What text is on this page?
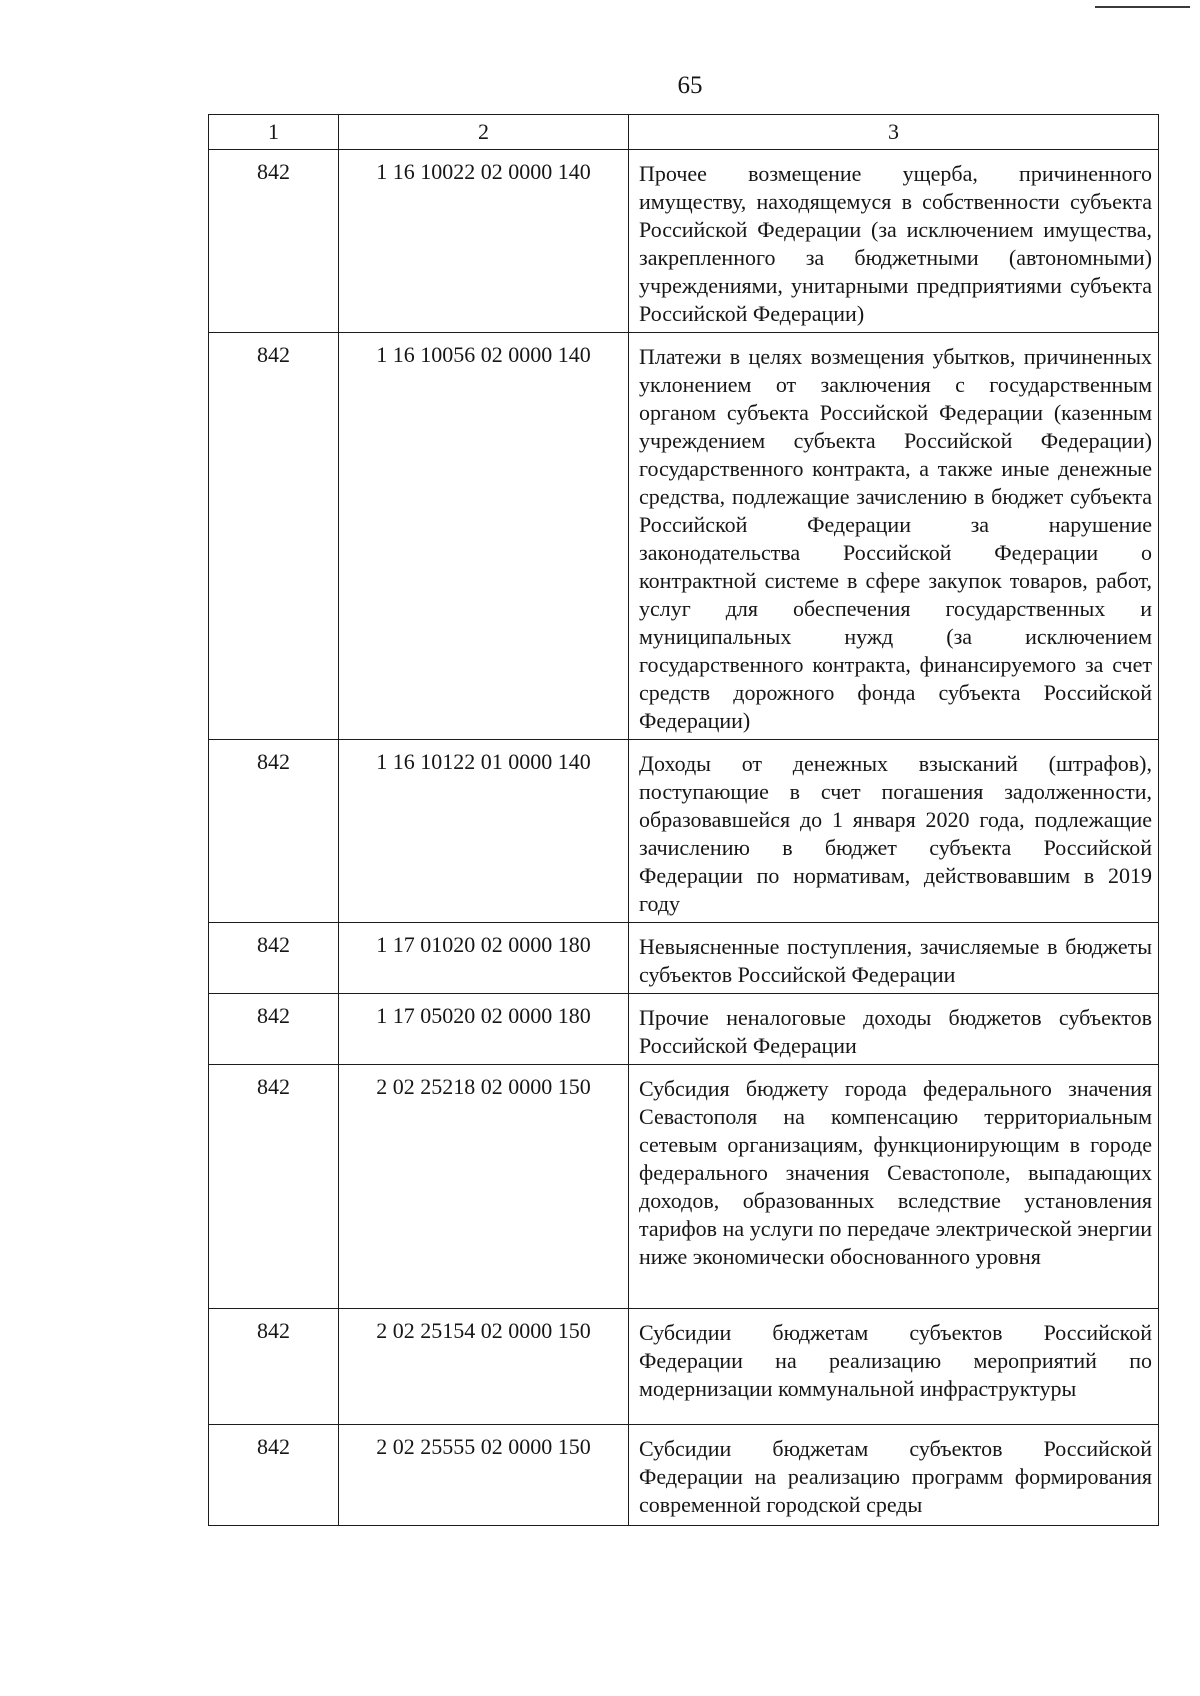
65
1	2	3
842	1 16 10022 02 0000 140	Прочее возмещение ущерба, причиненного имуществу, находящемуся в собственности субъекта Российской Федерации (за исключением имущества, закрепленного за бюджетными (автономными) учреждениями, унитарными предприятиями субъекта Российской Федерации)
842	1 16 10056 02 0000 140	Платежи в целях возмещения убытков, причиненных уклонением от заключения с государственным органом субъекта Российской Федерации (казенным учреждением субъекта Российской Федерации) государственного контракта, а также иные денежные средства, подлежащие зачислению в бюджет субъекта Российской Федерации за нарушение законодательства Российской Федерации о контрактной системе в сфере закупок товаров, работ, услуг для обеспечения государственных и муниципальных нужд (за исключением государственного контракта, финансируемого за счет средств дорожного фонда субъекта Российской Федерации)
842	1 16 10122 01 0000 140	Доходы от денежных взысканий (штрафов), поступающие в счет погашения задолженности, образовавшейся до 1 января 2020 года, подлежащие зачислению в бюджет субъекта Российской Федерации по нормативам, действовавшим в 2019 году
842	1 17 01020 02 0000 180	Невыясненные поступления, зачисляемые в бюджеты субъектов Российской Федерации
842	1 17 05020 02 0000 180	Прочие неналоговые доходы бюджетов субъектов Российской Федерации
842	2 02 25218 02 0000 150	Субсидия бюджету города федерального значения Севастополя на компенсацию территориальным сетевым организациям, функционирующим в городе федерального значения Севастополе, выпадающих доходов, образованных вследствие установления тарифов на услуги по передаче электрической энергии ниже экономически обоснованного уровня
842	2 02 25154 02 0000 150	Субсидии бюджетам субъектов Российской Федерации на реализацию мероприятий по модернизации коммунальной инфраструктуры
842	2 02 25555 02 0000 150	Субсидии бюджетам субъектов Российской Федерации на реализацию программ формирования современной городской среды
